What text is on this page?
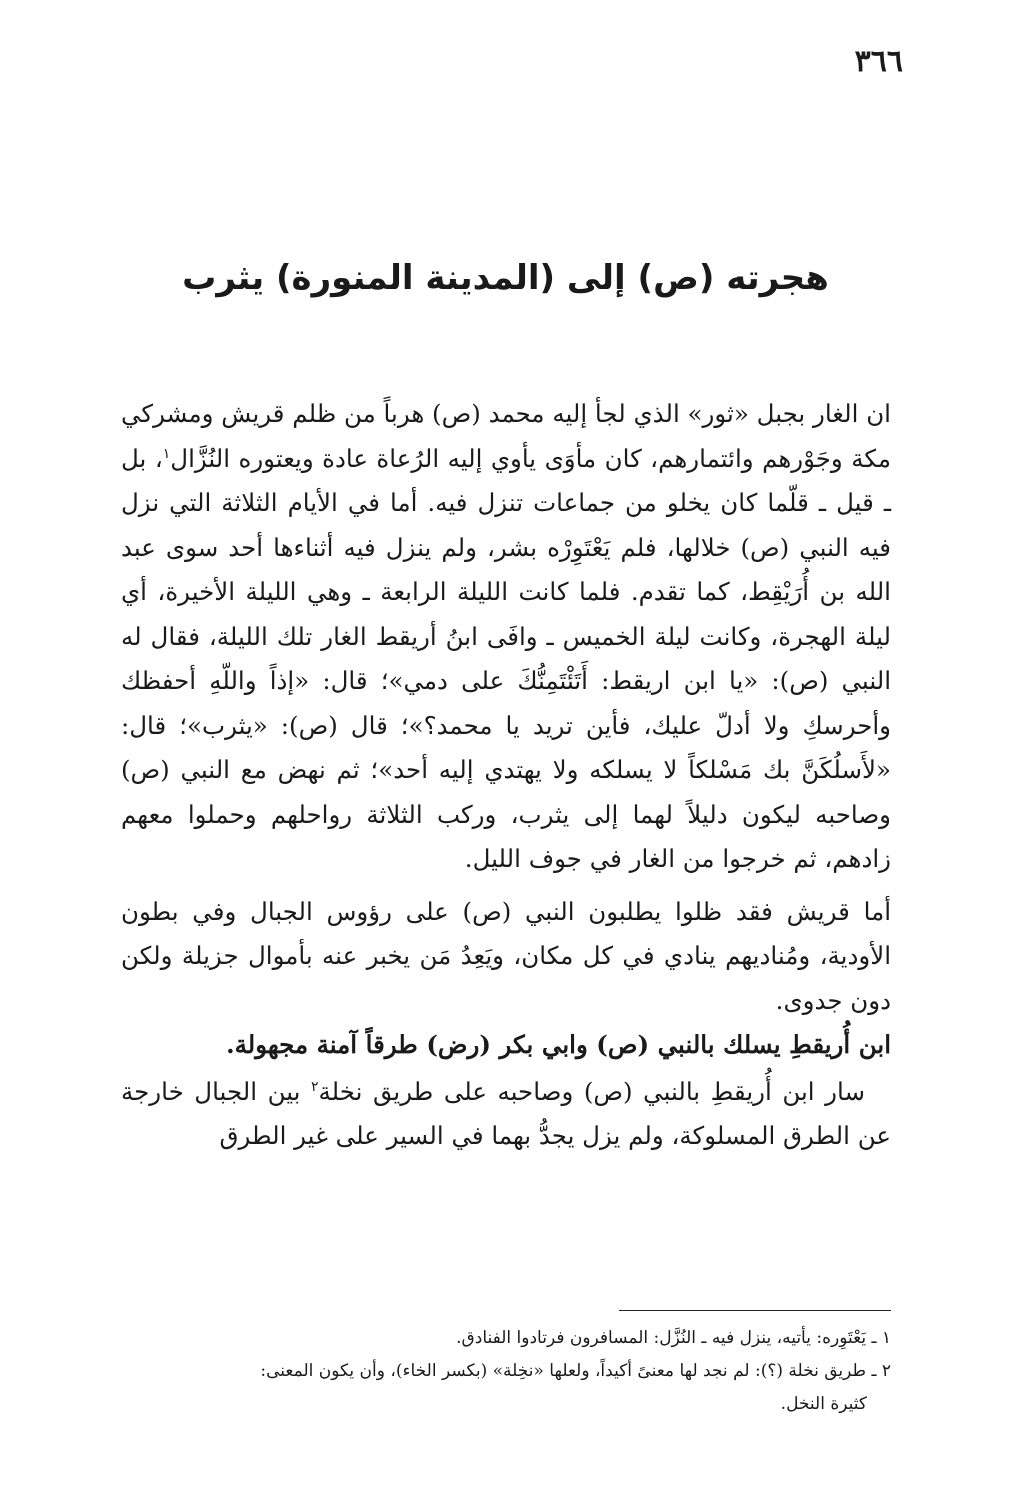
٣٦٦
هجرته (ص) إلى (المدينة المنورة) يثرب

ان الغار بجبل «ثور» الذي لجأ إليه محمد (ص) هرباً من ظلم قريش ومشركي مكة وجَوْرهم وائتمارهم، كان مأوَى يأوي إليه الرُعاة عادة ويعتوره النُزَّال$^١$، بل ـ قيل ـ قلّما كان يخلو من جماعات تنزل فيه. أما في الأيام الثلاثة التي نزل فيه النبي (ص) خلالها، فلم يَعْتَوِرْه بشر، ولم ينزل فيه أثناءها أحد سوى عبد الله بن أُرَيْقِط، كما تقدم. فلما كانت الليلة الرابعة ـ وهي الليلة الأخيرة، أي ليلة الهجرة، وكانت ليلة الخميس ـ وافَى ابنُ أريقط الغار تلك الليلة، فقال له النبي (ص): «يا ابن اريقط: أَتَئْتَمِنُّكَ على دمي»؛ قال: «إذاً واللّهِ أحفظك وأحرسكِ ولا أدلّ عليك، فأين تريد يا محمد؟»؛ قال (ص): «يثرب»؛ قال: «لأَسلُكَنَّ بك مَسْلكاً لا يسلكه ولا يهتدي إليه أحد»؛ ثم نهض مع النبي (ص) وصاحبه ليكون دليلاً لهما إلى يثرب، وركب الثلاثة رواحلهم وحملوا معهم زادهم، ثم خرجوا من الغار في جوف الليل.

أما قريش فقد ظلوا يطلبون النبي (ص) على رؤوس الجبال وفي بطون الأودية، ومُناديهم ينادي في كل مكان، ويَعِدُ مَن يخبر عنه بأموال جزيلة ولكن دون جدوى.

ابن أُريقطِ يسلك بالنبي (ص) وابي بكر (رض) طرقاً آمنة مجهولة.

سار ابن أُريقطِ بالنبي (ص) وصاحبه على طريق نخلة$^٢$ بين الجبال خارجة عن الطرق المسلوكة، ولم يزل يجدُّ بهما في السير على غير الطرق

١ ـ يَعْتَوِره: يأتيه، ينزل فيه ـ النُزَّل: المسافرون فرتادوا الفنادق.

٢ ـ طريق نخلة (؟): لم نجد لها معنىً أكيداً، ولعلها «نخِلة» (بكسر الخاء)، وأن يكون المعنى:

كثيرة النخل.
